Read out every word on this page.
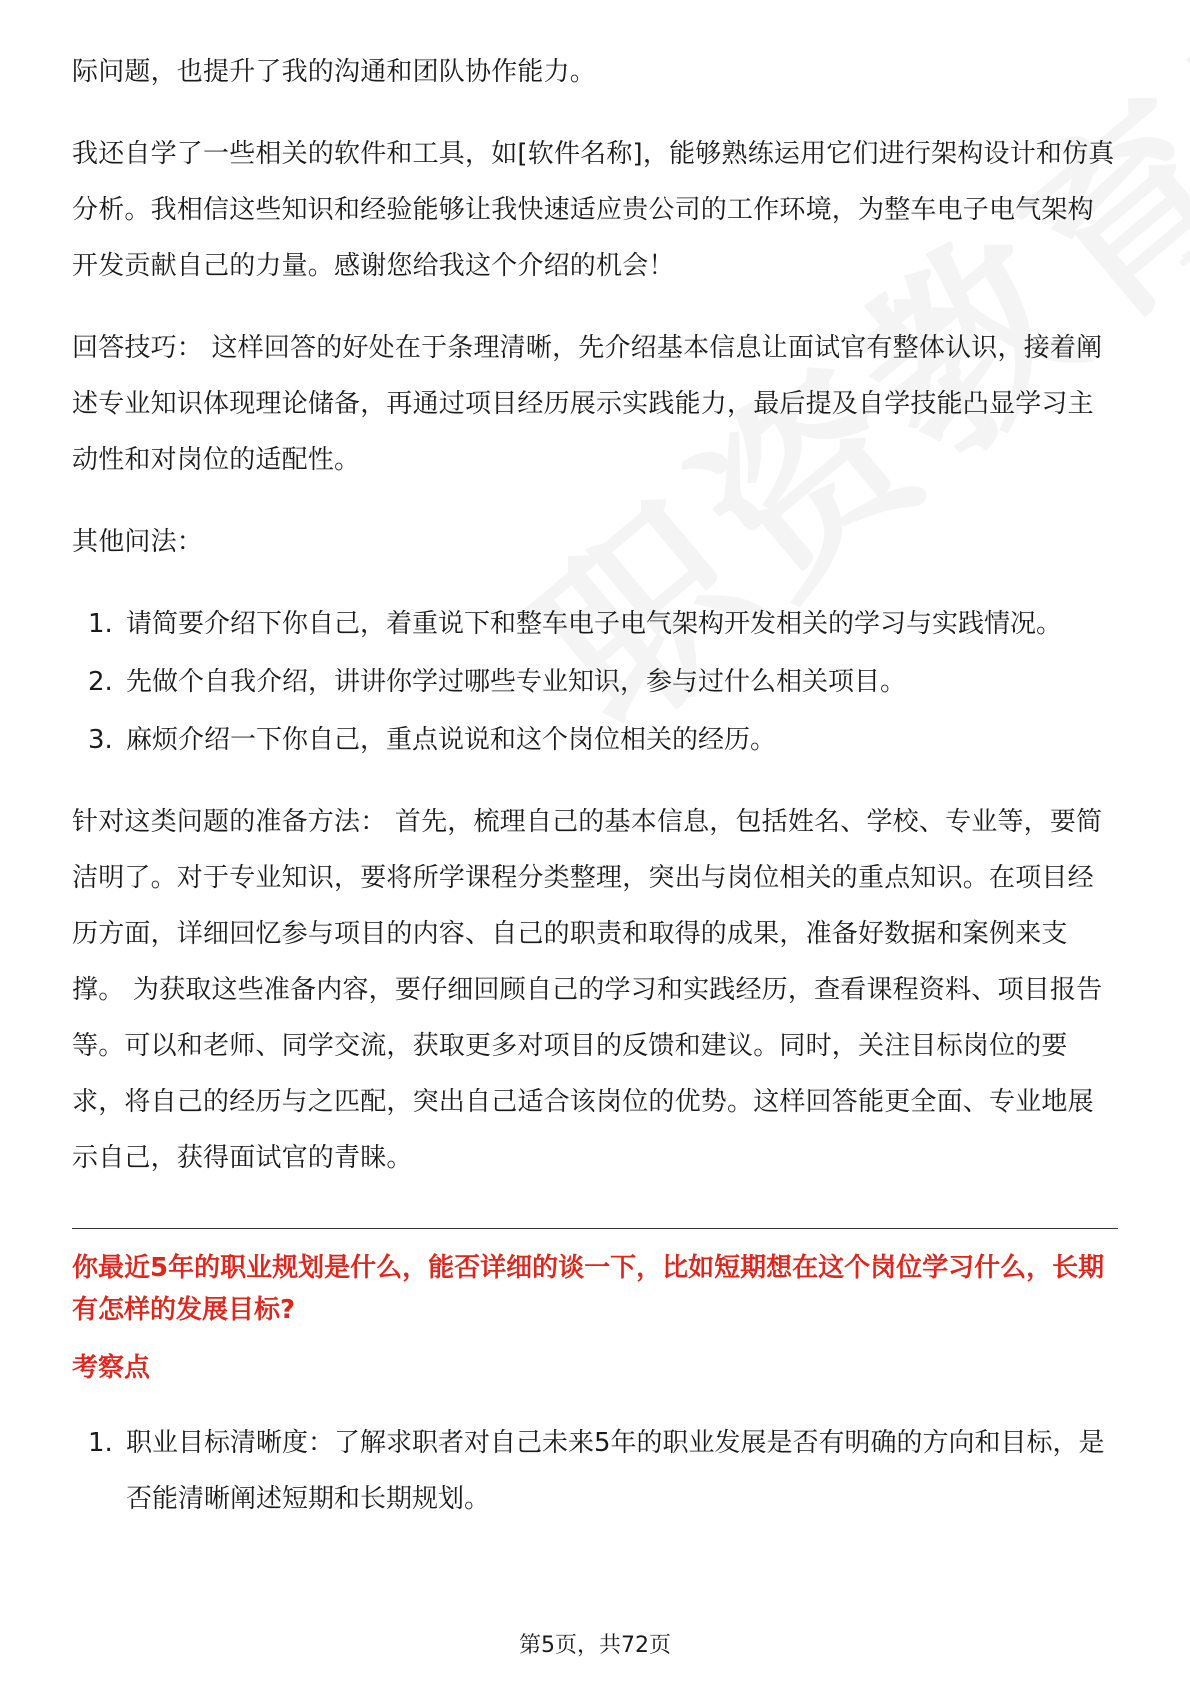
际问题，也提升了我的沟通和团队协作能力。

我还自学了一些相关的软件和工具，如[软件名称]，能够熟练运用它们进行架构设计和仿真分析。我相信这些知识和经验能够让我快速适应贵公司的工作环境，为整车电子电气架构开发贡献自己的力量。感谢您给我这个介绍的机会！

回答技巧： 这样回答的好处在于条理清晰，先介绍基本信息让面试官有整体认识，接着阐述专业知识体现理论储备，再通过项目经历展示实践能力，最后提及自学技能凸显学习主动性和对岗位的适配性。

其他问法：

1. 请简要介绍下你自己，着重说下和整车电子电气架构开发相关的学习与实践情况。
2. 先做个自我介绍，讲讲你学过哪些专业知识，参与过什么相关项目。
3. 麻烦介绍一下你自己，重点说说和这个岗位相关的经历。

针对这类问题的准备方法： 首先，梳理自己的基本信息，包括姓名、学校、专业等，要简洁明了。对于专业知识，要将所学课程分类整理，突出与岗位相关的重点知识。在项目经历方面，详细回忆参与项目的内容、自己的职责和取得的成果，准备好数据和案例来支撑。 为获取这些准备内容，要仔细回顾自己的学习和实践经历，查看课程资料、项目报告等。可以和老师、同学交流，获取更多对项目的反馈和建议。同时，关注目标岗位的要求，将自己的经历与之匹配，突出自己适合该岗位的优势。这样回答能更全面、专业地展示自己，获得面试官的青睐。

你最近5年的职业规划是什么，能否详细的谈一下，比如短期想在这个岗位学习什么，长期有怎样的发展目标?
考察点
1. 职业目标清晰度：了解求职者对自己未来5年的职业发展是否有明确的方向和目标，是否能清晰阐述短期和长期规划。
第5页，共72页
